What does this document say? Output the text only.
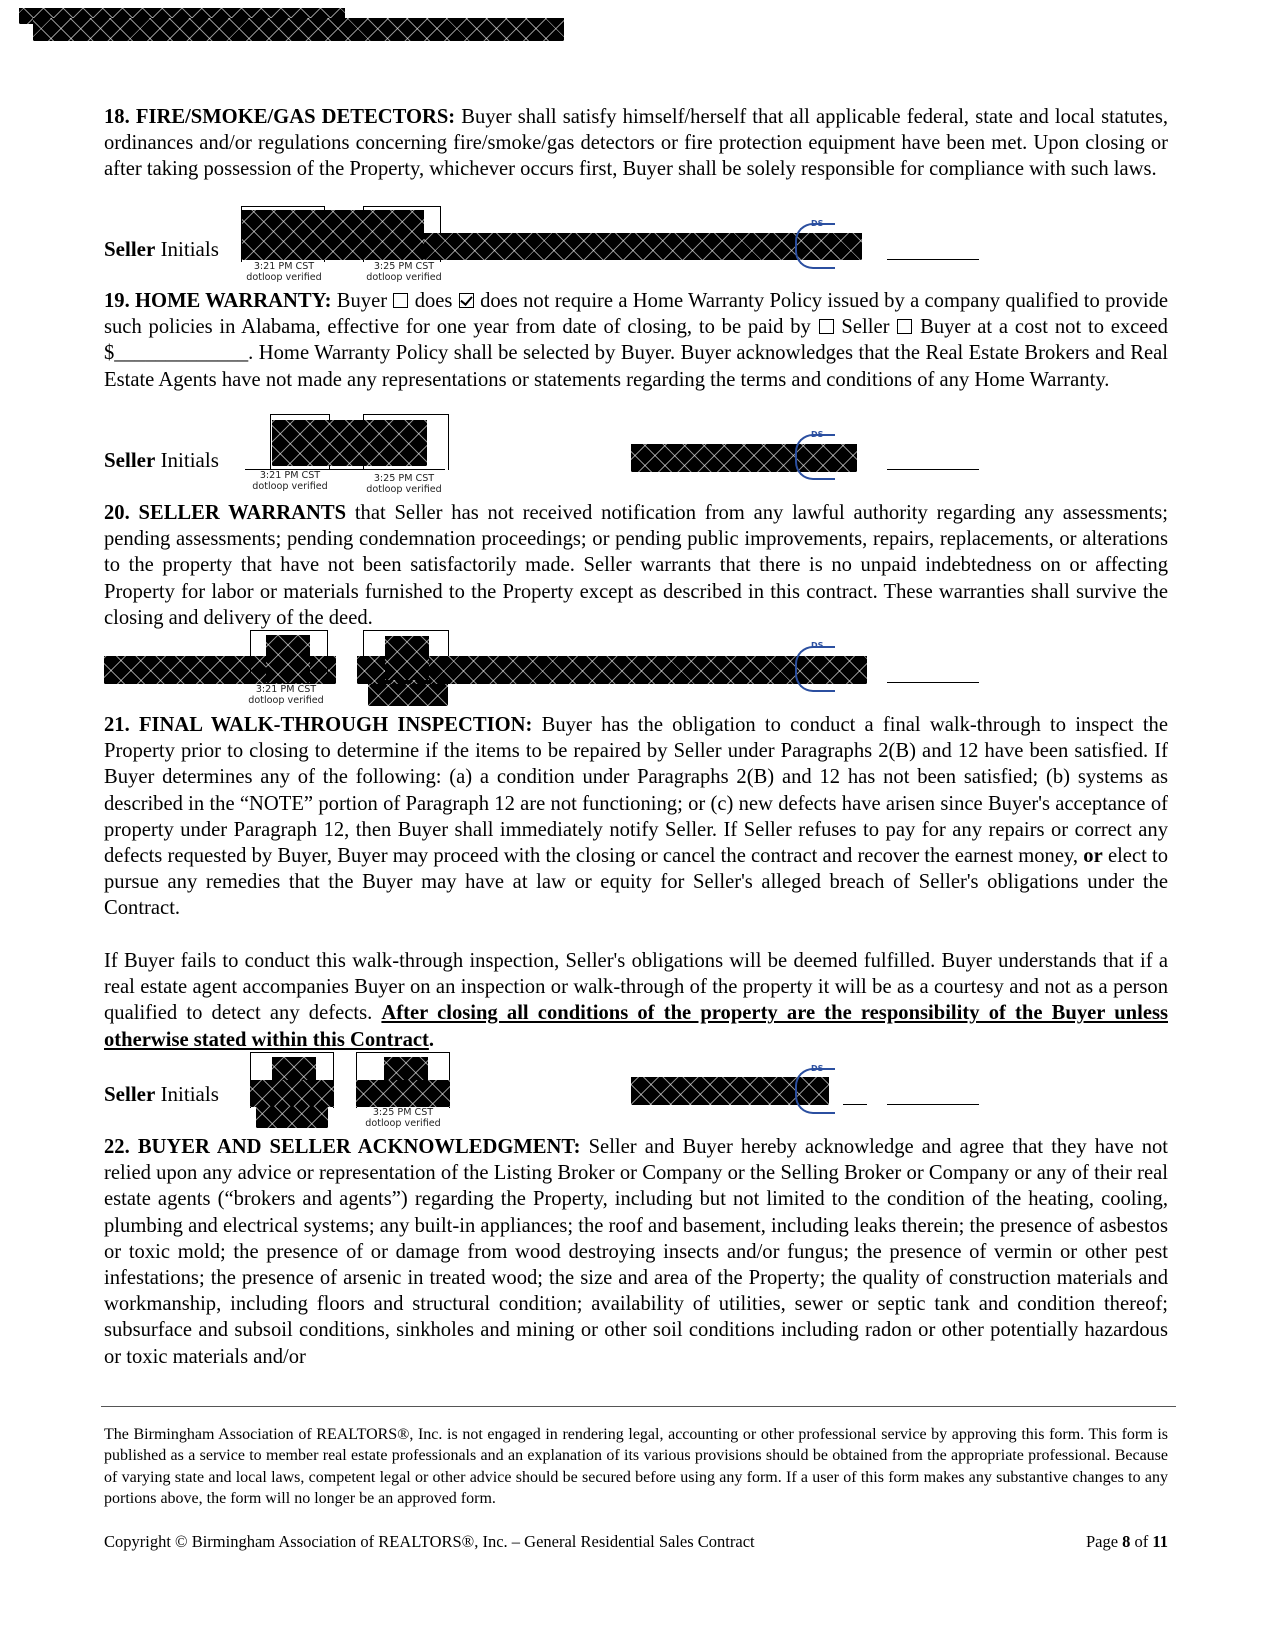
18. FIRE/SMOKE/GAS DETECTORS: Buyer shall satisfy himself/herself that all applicable federal, state and local statutes, ordinances and/or regulations concerning fire/smoke/gas detectors or fire protection equipment have been met. Upon closing or after taking possession of the Property, whichever occurs first, Buyer shall be solely responsible for compliance with such laws.
Seller Initials
3:21 PM CST
dotloop verified
3:25 PM CST
dotloop verified
DS
19. HOME WARRANTY: Buyer does does not require a Home Warranty Policy issued by a company qualified to provide such policies in Alabama, effective for one year from date of closing, to be paid by Seller Buyer at a cost not to exceed $_____________. Home Warranty Policy shall be selected by Buyer. Buyer acknowledges that the Real Estate Brokers and Real Estate Agents have not made any representations or statements regarding the terms and conditions of any Home Warranty.
Seller Initials
3:21 PM CST
dotloop verified
3:25 PM CST
dotloop verified
DS
20. SELLER WARRANTS that Seller has not received notification from any lawful authority regarding any assessments; pending assessments; pending condemnation proceedings; or pending public improvements, repairs, replacements, or alterations to the property that have not been satisfactorily made. Seller warrants that there is no unpaid indebtedness on or affecting Property for labor or materials furnished to the Property except as described in this contract. These warranties shall survive the closing and delivery of the deed.
3:21 PM CST
dotloop verified
DS
21. FINAL WALK-THROUGH INSPECTION: Buyer has the obligation to conduct a final walk-through to inspect the Property prior to closing to determine if the items to be repaired by Seller under Paragraphs 2(B) and 12 have been satisfied. If Buyer determines any of the following: (a) a condition under Paragraphs 2(B) and 12 has not been satisfied; (b) systems as described in the “NOTE” portion of Paragraph 12 are not functioning; or (c) new defects have arisen since Buyer's acceptance of property under Paragraph 12, then Buyer shall immediately notify Seller. If Seller refuses to pay for any repairs or correct any defects requested by Buyer, Buyer may proceed with the closing or cancel the contract and recover the earnest money, or elect to pursue any remedies that the Buyer may have at law or equity for Seller's alleged breach of Seller's obligations under the Contract.
If Buyer fails to conduct this walk-through inspection, Seller's obligations will be deemed fulfilled. Buyer understands that if a real estate agent accompanies Buyer on an inspection or walk-through of the property it will be as a courtesy and not as a person qualified to detect any defects. After closing all conditions of the property are the responsibility of the Buyer unless otherwise stated within this Contract.
Seller Initials
3:25 PM CST
dotloop verified
DS
22. BUYER AND SELLER ACKNOWLEDGMENT: Seller and Buyer hereby acknowledge and agree that they have not relied upon any advice or representation of the Listing Broker or Company or the Selling Broker or Company or any of their real estate agents (“brokers and agents”) regarding the Property, including but not limited to the condition of the heating, cooling, plumbing and electrical systems; any built-in appliances; the roof and basement, including leaks therein; the presence of asbestos or toxic mold; the presence of or damage from wood destroying insects and/or fungus; the presence of vermin or other pest infestations; the presence of arsenic in treated wood; the size and area of the Property; the quality of construction materials and workmanship, including floors and structural condition; availability of utilities, sewer or septic tank and condition thereof; subsurface and subsoil conditions, sinkholes and mining or other soil conditions including radon or other potentially hazardous or toxic materials and/or
The Birmingham Association of REALTORS®, Inc. is not engaged in rendering legal, accounting or other professional service by approving this form. This form is published as a service to member real estate professionals and an explanation of its various provisions should be obtained from the appropriate professional. Because of varying state and local laws, competent legal or other advice should be secured before using any form. If a user of this form makes any substantive changes to any portions above, the form will no longer be an approved form.
Copyright © Birmingham Association of REALTORS®, Inc. – General Residential Sales Contract	Page 8 of 11
